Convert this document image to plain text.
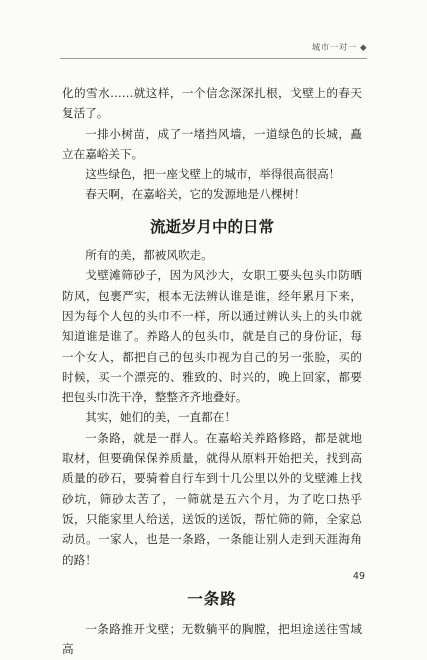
城市一对一 ◆

化的雪水……就这样，一个信念深深扎根，戈壁上的春天复活了。

一排小树苗，成了一堵挡风墙，一道绿色的长城，矗立在嘉峪关下。

这些绿色，把一座戈壁上的城市，举得很高很高！

春天啊，在嘉峪关，它的发源地是八棵树！

流逝岁月中的日常

所有的美，都被风吹走。

戈壁滩筛砂子，因为风沙大，女职工要头包头巾防晒防风，包裹严实，根本无法辨认谁是谁，经年累月下来，因为每个人包的头巾不一样，所以通过辨认头上的头巾就知道谁是谁了。养路人的包头巾，就是自己的身份证，每一个女人，都把自己的包头巾视为自己的另一张脸，买的时候，买一个漂亮的、雅致的、时兴的，晚上回家，都要把包头巾洗干净，整整齐齐地叠好。

其实，她们的美，一直都在！

一条路，就是一群人。在嘉峪关养路修路，都是就地取材，但要确保保养质量，就得从原料开始把关，找到高质量的砂石，要骑着自行车到十几公里以外的戈壁滩上找砂坑，筛砂太苦了，一筛就是五六个月，为了吃口热乎饭，只能家里人给送，送饭的送饭，帮忙筛的筛，全家总动员。一家人，也是一条路，一条能让别人走到天涯海角的路！

一条路

一条路推开戈壁；无数躺平的胸膛，把坦途送往雪域高

49
